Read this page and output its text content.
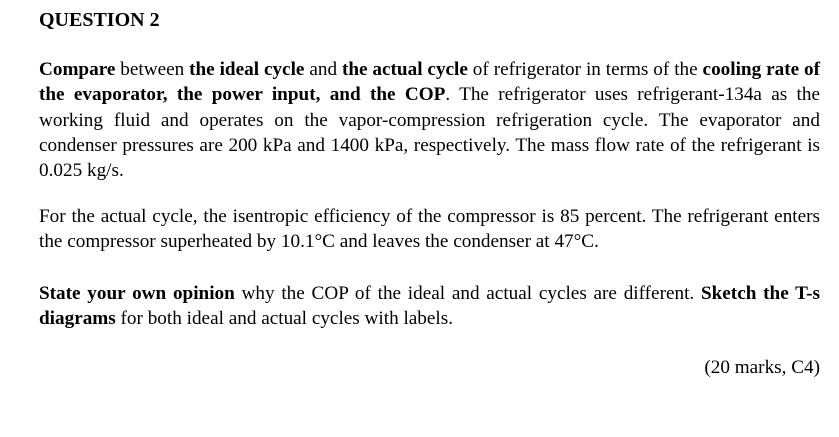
QUESTION 2

Compare between the ideal cycle and the actual cycle of refrigerator in terms of the cooling rate of the evaporator, the power input, and the COP. The refrigerator uses refrigerant-134a as the working fluid and operates on the vapor-compression refrigeration cycle. The evaporator and condenser pressures are 200 kPa and 1400 kPa, respectively. The mass flow rate of the refrigerant is 0.025 kg/s.

For the actual cycle, the isentropic efficiency of the compressor is 85 percent. The refrigerant enters the compressor superheated by 10.1°C and leaves the condenser at 47°C.

State your own opinion why the COP of the ideal and actual cycles are different. Sketch the T-s diagrams for both ideal and actual cycles with labels.

(20 marks, C4)
